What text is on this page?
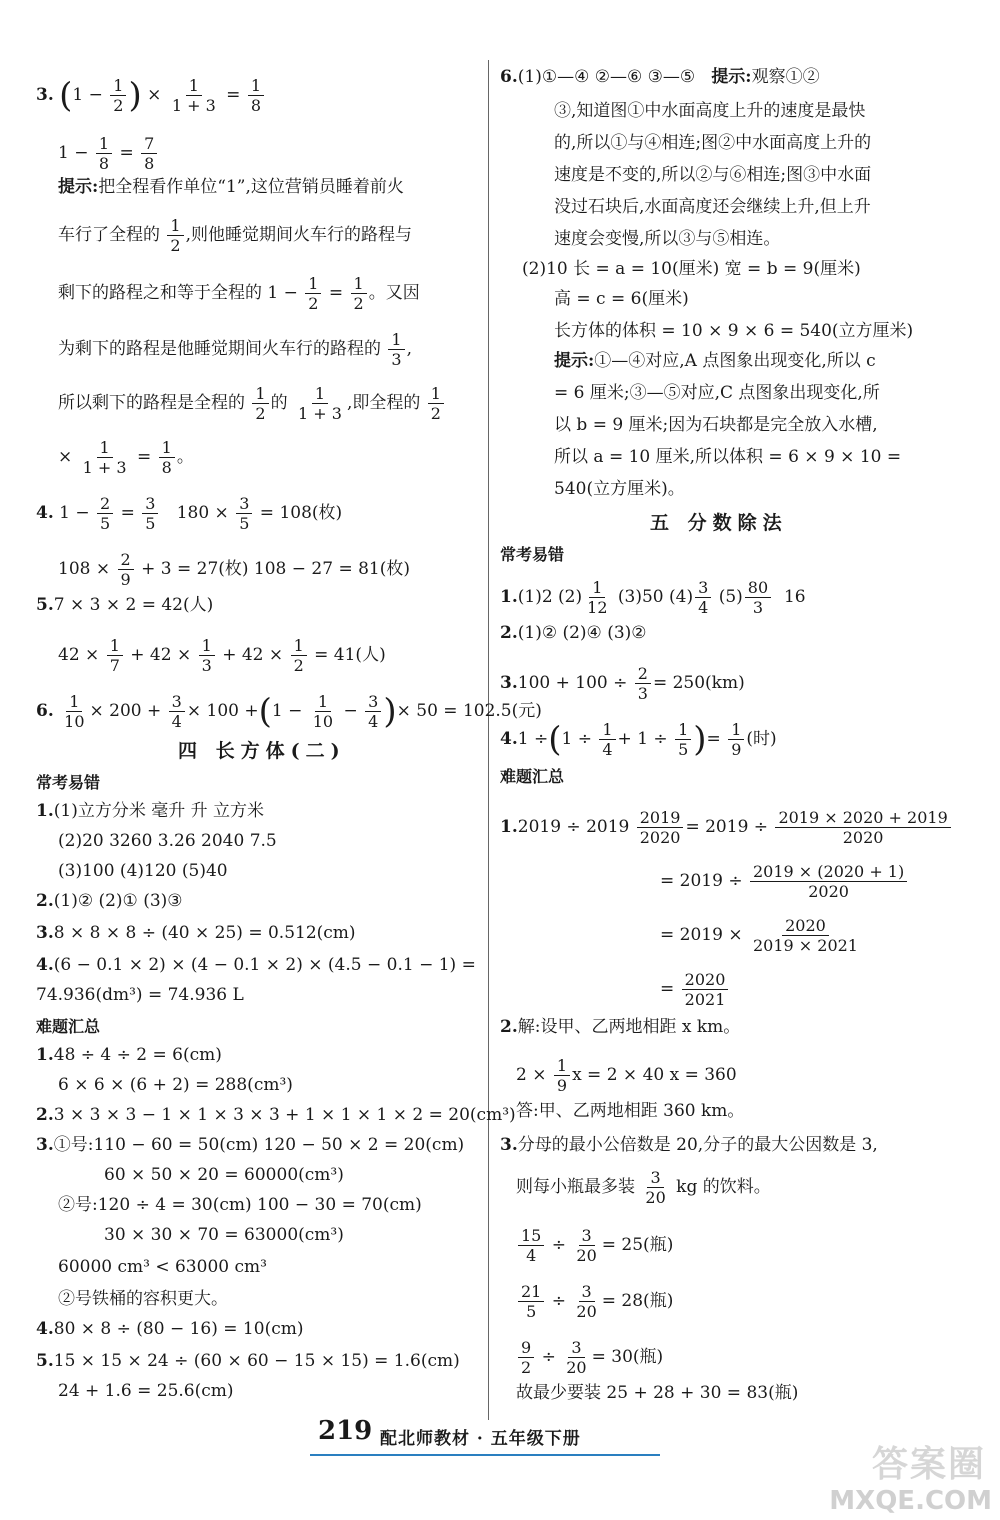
3. ($1 - \frac{1}{2}$ ) × $\frac{1}{1 + 3} = \frac{1}{8}$
$1 - \frac{1}{8} = \frac{7}{8}$
提示:把全程看作单位“1”,这位营销员睡着前火
车行了全程的 $\frac{1}{2}$ ,则他睡觉期间火车行的路程与
剩下的路程之和等于全程的 $1 - \frac{1}{2} = \frac{1}{2}$ 。又因
为剩下的路程是他睡觉期间火车行的路程的 $\frac{1}{3}$ ,
所以剩下的路程是全程的 $\frac{1}{2}$ 的 $\frac{1}{1 + 3}$ ,即全程的 $\frac{1}{2}$
× $\frac{1}{1 + 3} = \frac{1}{8}$ 。
4. $1 - \frac{2}{5} = \frac{3}{5} 180 \times \frac{3}{5} = 108$(枚)
$108 \times \frac{2}{9} + 3 = 27$(枚) 108 − 27 = 81(枚)
5.7 × 3 × 2 = 42(人)
$42 \times \frac{1}{7} + 42 \times \frac{1}{3} + 42 \times \frac{1}{2} = 41$(人)
6. $\frac{1}{10} \times 200 + \frac{3}{4} \times 100 +(1 - \frac{1}{10} - \frac{3}{4}$ )× 50 = 102.5(元)
四 长方体(二)
常考易错
1.(1)立方分米 毫升 升 立方米
(2)20 3260 3.26 2040 7.5
(3)100 (4)120 (5)40
2.(1)② (2)① (3)③
3.8 × 8 × 8 ÷ (40 × 25) = 0.512(cm)
4.(6 − 0.1 × 2) × (4 − 0.1 × 2) × (4.5 − 0.1 − 1) =
74.936(dm³) = 74.936 L
难题汇总
1.48 ÷ 4 ÷ 2 = 6(cm)
6 × 6 × (6 + 2) = 288(cm³)
2.3 × 3 × 3 − 1 × 1 × 3 × 3 + 1 × 1 × 1 × 2 = 20(cm³)
3.①号:110 − 60 = 50(cm) 120 − 50 × 2 = 20(cm)
60 × 50 × 20 = 60000(cm³)
②号:120 ÷ 4 = 30(cm) 100 − 30 = 70(cm)
30 × 30 × 70 = 63000(cm³)
60000 cm³ < 63000 cm³
②号铁桶的容积更大。
4.80 × 8 ÷ (80 − 16) = 10(cm)
5.15 × 15 × 24 ÷ (60 × 60 − 15 × 15) = 1.6(cm)
24 + 1.6 = 25.6(cm)
6.(1)①—④ ②—⑥ ③—⑤ 提示:观察①②
③,知道图①中水面高度上升的速度是最快
的,所以①与④相连;图②中水面高度上升的
速度是不变的,所以②与⑥相连;图③中水面
没过石块后,水面高度还会继续上升,但上升
速度会变慢,所以③与⑤相连。
(2)10 长 = a = 10(厘米) 宽 = b = 9(厘米)
高 = c = 6(厘米)
长方体的体积 = 10 × 9 × 6 = 540(立方厘米)
提示:①—④对应,A 点图象出现变化,所以 c
= 6 厘米;③—⑤对应,C 点图象出现变化,所
以 b = 9 厘米;因为石块都是完全放入水槽,
所以 a = 10 厘米,所以体积 = 6 × 9 × 10 =
540(立方厘米)。
五 分数除法
常考易错
1.(1)2 $(2) \frac{1}{12} (3)50$ $(4) \frac{3}{4} (5) \frac{80}{3} 16$
2.(1)② (2)④ (3)②
$3.100 + 100 \div \frac{2}{3} = 250(km)$
$4.1 \div(1 \div \frac{1}{4} + 1 \div \frac{1}{5}$ )= $\frac{1}{9}$ (时)
难题汇总
$1.2019 \div 2019 \frac{2019}{2020} = 2019 \div \frac{2019 \times 2020 + 2019}{2020}$
= $2019 \div \frac{2019 \times (2020 + 1)}{2020}$
= $2019 \times \frac{2020}{2019 \times 2021}$
= $\frac{2020}{2021}$
2.解:设甲、乙两地相距 x km。
$2 \times \frac{1}{9}$ x = 2 × 40 x = 360
答:甲、乙两地相距 360 km。
3.分母的最小公倍数是 20,分子的最大公因数是 3,
则每小瓶最多装 $\frac{3}{20}$ kg 的饮料。
$\frac{15}{4} \div \frac{3}{20} = 25$(瓶)
$\frac{21}{5} \div \frac{3}{20} = 28$(瓶)
$\frac{9}{2} \div \frac{3}{20} = 30$(瓶)
故最少要装 25 + 28 + 30 = 83(瓶)
219 配北师教材 · 五年级下册
答案圈
MXQE.COM
